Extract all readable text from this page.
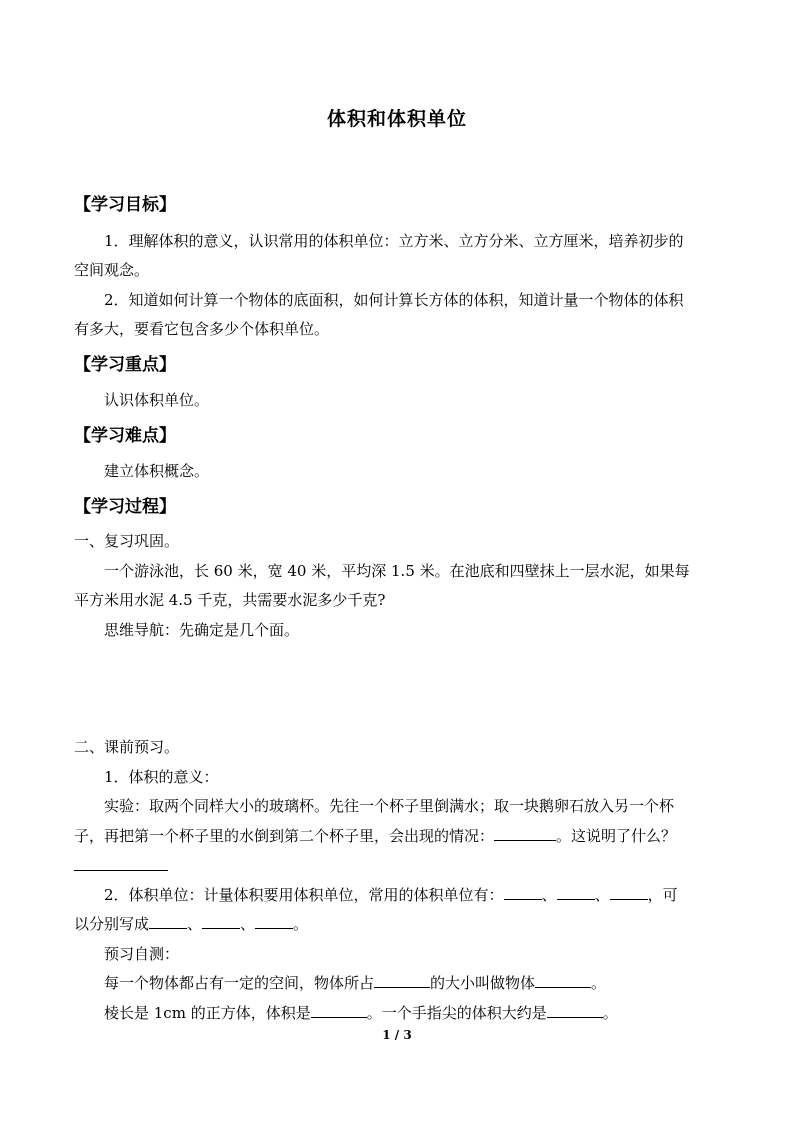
体积和体积单位
【学习目标】
1．理解体积的意义，认识常用的体积单位：立方米、立方分米、立方厘米，培养初步的
空间观念。
2．知道如何计算一个物体的底面积，如何计算长方体的体积，知道计量一个物体的体积
有多大，要看它包含多少个体积单位。
【学习重点】
认识体积单位。
【学习难点】
建立体积概念。
【学习过程】
一、复习巩固。
一个游泳池，长 60 米，宽 40 米，平均深 1.5 米。在池底和四壁抹上一层水泥，如果每
平方米用水泥 4.5 千克，共需要水泥多少千克?
思维导航：先确定是几个面。
二、课前预习。
1．体积的意义：
实验：取两个同样大小的玻璃杯。先往一个杯子里倒满水；取一块鹅卵石放入另一个杯
子，再把第一个杯子里的水倒到第二个杯子里，会出现的情况：	。这说明了什么？
2．体积单位：计量体积要用体积单位，常用的体积单位有：	、	、	，可
以分别写成	、	、	。
预习自测：
每一个物体都占有一定的空间，物体所占	的大小叫做物体	。
棱长是 1cm 的正方体，体积是	。一个手指尖的体积大约是	。
1 / 3
